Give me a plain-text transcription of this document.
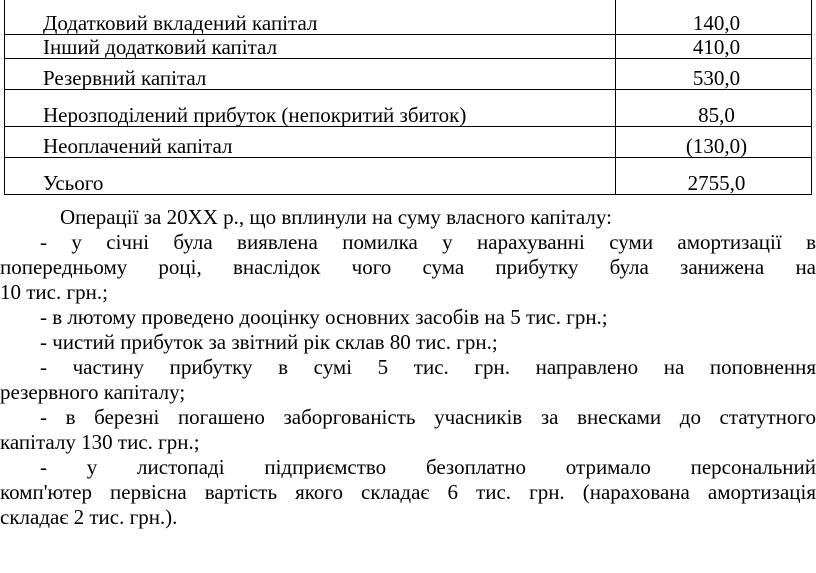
Додатковий вкладений капітал	140,0
Інший додатковий капітал	410,0
Резервний капітал	530,0
Нерозподілений прибуток (непокритий збиток)	85,0
Неоплачений капітал	(130,0)
Усього	2755,0
Операції за 20ХХ р., що вплинули на суму власного капіталу:
- у січні була виявлена помилка у нарахуванні суми амортизації в
попередньому році, внаслідок чого сума прибутку була занижена на
10 тис. грн.;
- в лютому проведено дооцінку основних засобів на 5 тис. грн.;
- чистий прибуток за звітний рік склав 80 тис. грн.;
- частину прибутку в сумі 5 тис. грн. направлено на поповнення
резервного капіталу;
- в березні погашено заборгованість учасників за внесками до статутного
капіталу 130 тис. грн.;
- у листопаді підприємство безоплатно отримало персональний
комп'ютер первісна вартість якого складає 6 тис. грн. (нарахована амортизація
складає 2 тис. грн.).
